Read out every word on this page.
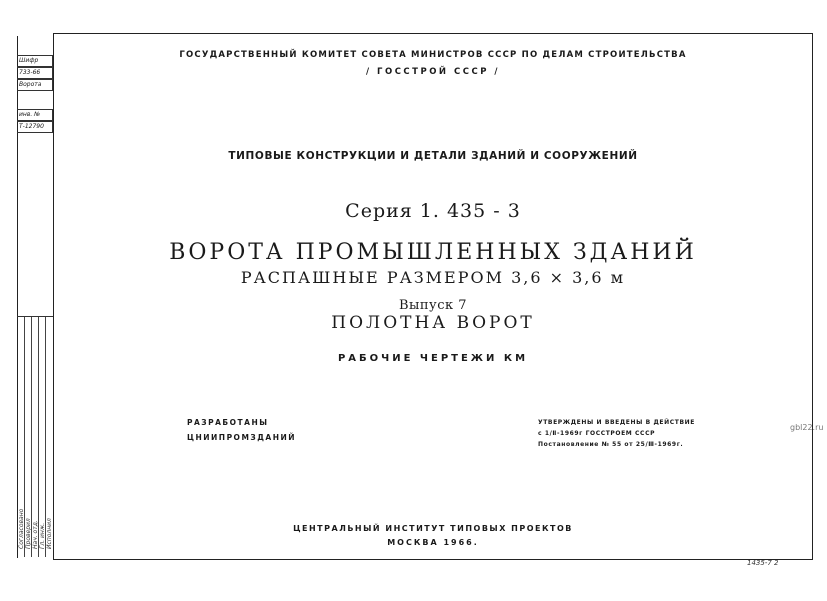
Шифр
733-66
Ворота
инв. №
Т-12790
Согласовано Проверил Нач. отд. Гл. инж. Исполнил
ГОСУДАРСТВЕННЫЙ КОМИТЕТ СОВЕТА МИНИСТРОВ СССР ПО ДЕЛАМ СТРОИТЕЛЬСТВА
/ ГОССТРОЙ СССР /
ТИПОВЫЕ КОНСТРУКЦИИ И ДЕТАЛИ ЗДАНИЙ И СООРУЖЕНИЙ
Серия 1. 435 - 3
ВОРОТА ПРОМЫШЛЕННЫХ ЗДАНИЙ
РАСПАШНЫЕ РАЗМЕРОМ 3,6 × 3,6 м
Выпуск 7
ПОЛОТНА ВОРОТ
РАБОЧИЕ ЧЕРТЕЖИ КМ
РАЗРАБОТАНЫ
ЦНИИПРОМЗДАНИЙ
УТВЕРЖДЕНЫ И ВВЕДЕНЫ В ДЕЙСТВИЕ
с 1/Ⅱ-1969г ГОССТРОЕМ СССР
Постановление № 55 от 25/Ⅲ-1969г.
ЦЕНТРАЛЬНЫЙ ИНСТИТУТ ТИПОВЫХ ПРОЕКТОВ
МОСКВА 1966.
gbl22.ru
1435-7 2
